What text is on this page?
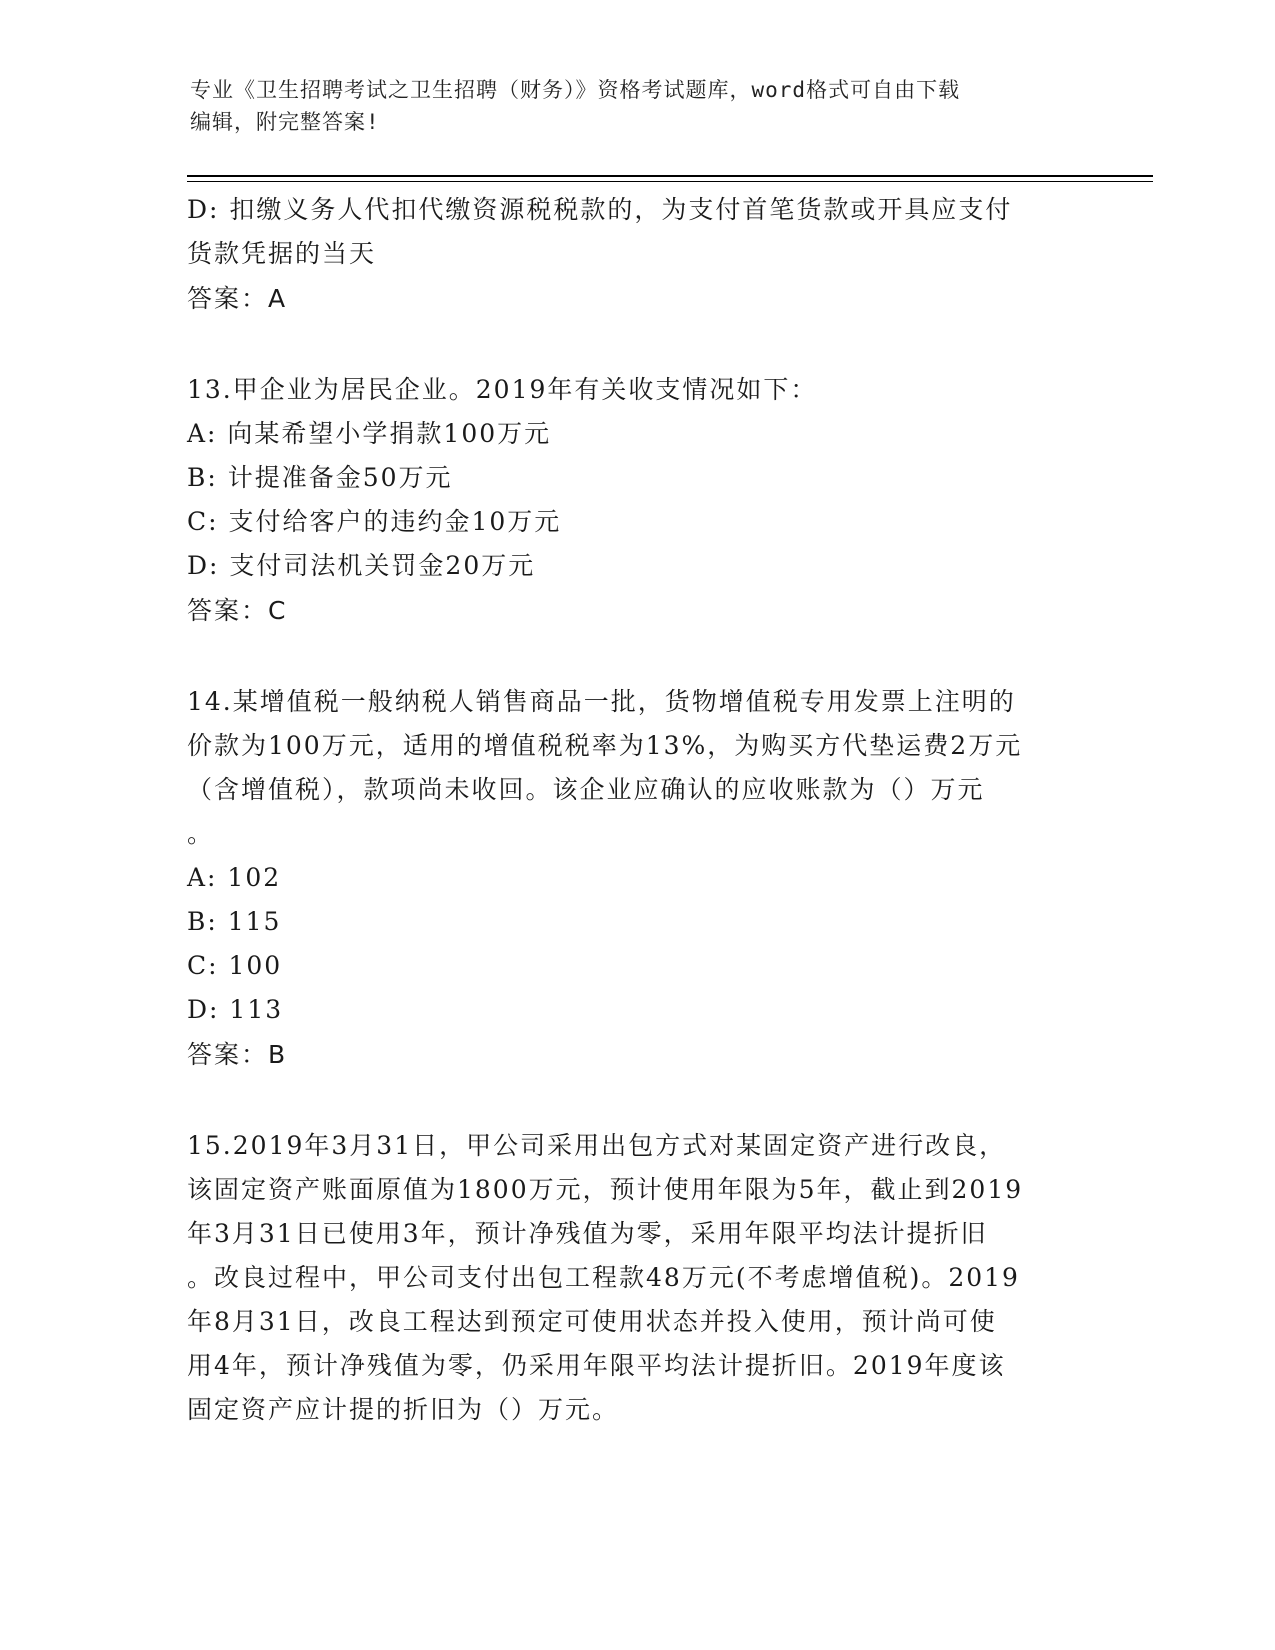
专业《卫生招聘考试之卫生招聘（财务）》资格考试题库，word格式可自由下载
编辑，附完整答案!
D: 扣缴义务人代扣代缴资源税税款的，为支付首笔货款或开具应支付
货款凭据的当天
答案：A
13.甲企业为居民企业。2019年有关收支情况如下：
A: 向某希望小学捐款100万元
B: 计提准备金50万元
C: 支付给客户的违约金10万元
D: 支付司法机关罚金20万元
答案：C
14.某增值税一般纳税人销售商品一批，货物增值税专用发票上注明的
价款为100万元，适用的增值税税率为13%，为购买方代垫运费2万元
（含增值税），款项尚未收回。该企业应确认的应收账款为（）万元
。
A: 102
B: 115
C: 100
D: 113
答案：B
15.2019年3月31日，甲公司采用出包方式对某固定资产进行改良，
该固定资产账面原值为1800万元，预计使用年限为5年，截止到2019
年3月31日已使用3年，预计净残值为零，采用年限平均法计提折旧
。改良过程中，甲公司支付出包工程款48万元(不考虑增值税)。2019
年8月31日，改良工程达到预定可使用状态并投入使用，预计尚可使
用4年，预计净残值为零，仍采用年限平均法计提折旧。2019年度该
固定资产应计提的折旧为（）万元。
